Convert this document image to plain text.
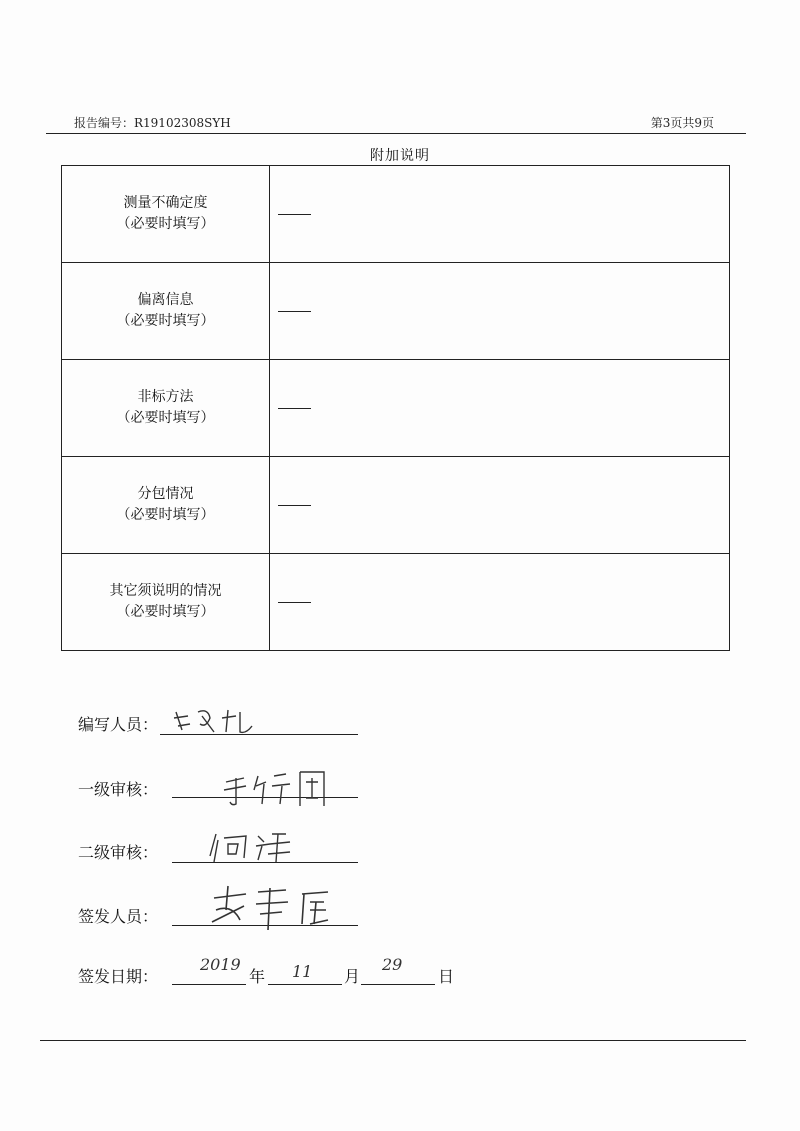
报告编号：R19102308SYH	第3页共9页
附加说明
测量不确定度
（必要时填写）
偏离信息
（必要时填写）
非标方法
（必要时填写）
分包情况
（必要时填写）
其它须说明的情况
（必要时填写）
编写人员：
一级审核：
二级审核：
签发人员：
签发日期：
2019
年 11 月
29
日
